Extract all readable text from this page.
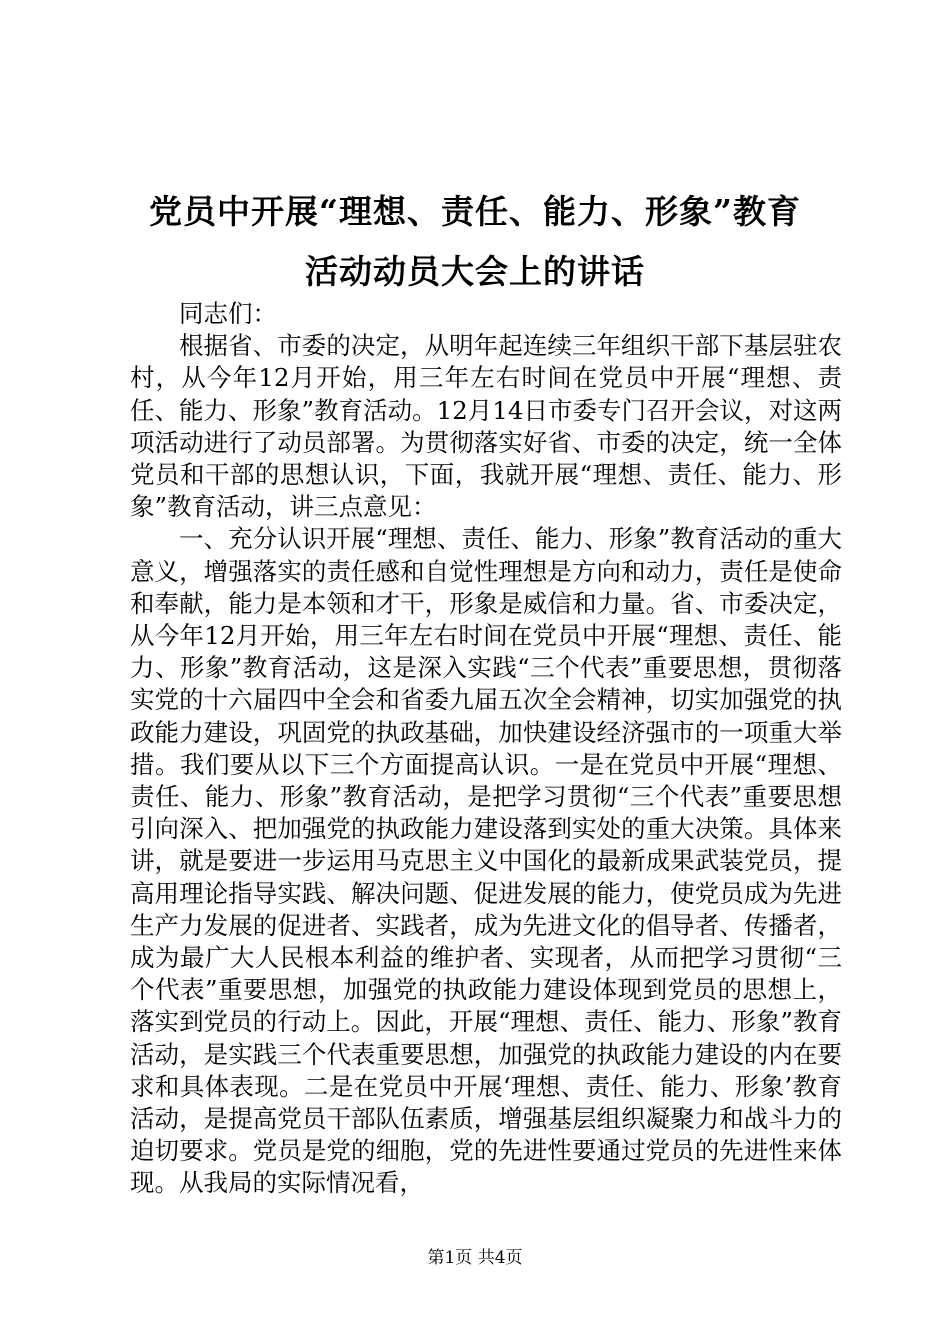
党员中开展“理想、责任、能力、形象”教育
活动动员大会上的讲话

同志们：

根据省、市委的决定，从明年起连续三年组织干部下基层驻农村，从今年12月开始，用三年左右时间在党员中开展“理想、责任、能力、形象”教育活动。12月14日市委专门召开会议，对这两项活动进行了动员部署。为贯彻落实好省、市委的决定，统一全体党员和干部的思想认识，下面，我就开展“理想、责任、能力、形象”教育活动，讲三点意见：

一、充分认识开展“理想、责任、能力、形象”教育活动的重大意义，增强落实的责任感和自觉性理想是方向和动力，责任是使命和奉献，能力是本领和才干，形象是威信和力量。省、市委决定，从今年12月开始，用三年左右时间在党员中开展“理想、责任、能力、形象”教育活动，这是深入实践“三个代表”重要思想，贯彻落实党的十六届四中全会和省委九届五次全会精神，切实加强党的执政能力建设，巩固党的执政基础，加快建设经济强市的一项重大举措。我们要从以下三个方面提高认识。一是在党员中开展“理想、责任、能力、形象”教育活动，是把学习贯彻“三个代表”重要思想引向深入、把加强党的执政能力建设落到实处的重大决策。具体来讲，就是要进一步运用马克思主义中国化的最新成果武装党员，提高用理论指导实践、解决问题、促进发展的能力，使党员成为先进生产力发展的促进者、实践者，成为先进文化的倡导者、传播者，成为最广大人民根本利益的维护者、实现者，从而把学习贯彻“三个代表”重要思想，加强党的执政能力建设体现到党员的思想上，落实到党员的行动上。因此，开展“理想、责任、能力、形象”教育活动，是实践三个代表重要思想，加强党的执政能力建设的内在要求和具体表现。二是在党员中开展‘理想、责任、能力、形象’教育活动，是提高党员干部队伍素质，增强基层组织凝聚力和战斗力的迫切要求。党员是党的细胞，党的先进性要通过党员的先进性来体现。从我局的实际情况看，

第1页 共4页
